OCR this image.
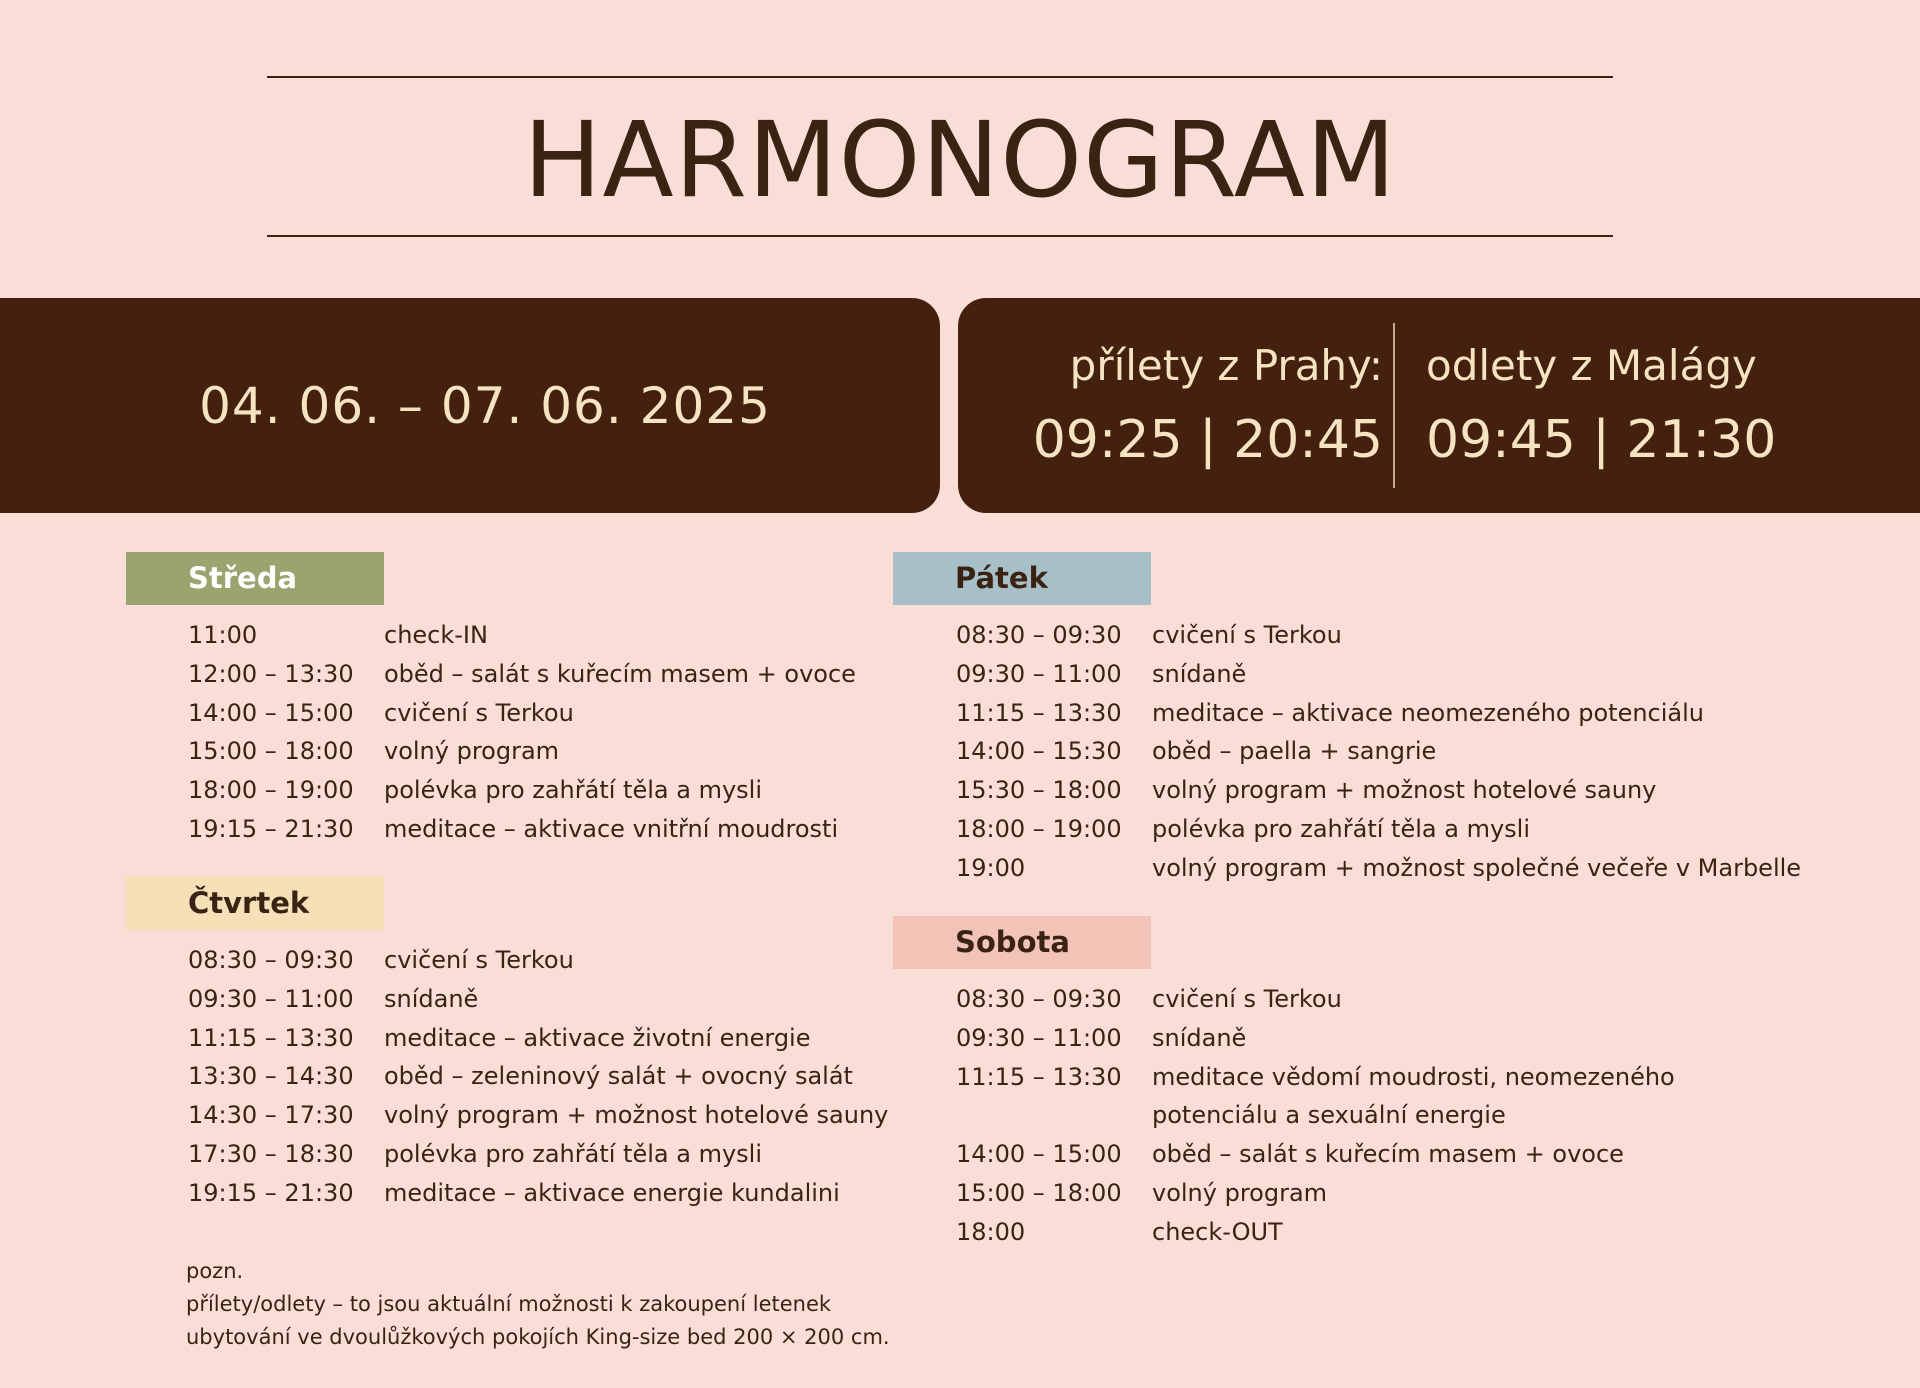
HARMONOGRAM
04. 06. – 07. 06. 2025
přílety z Prahy:
09:25 | 20:45
odlety z Malágy
09:45 | 21:30
Středa
Čtvrtek
Pátek
Sobota
11:00	check-IN
12:00 – 13:30 oběd – salát s kuřecím masem + ovoce
14:00 – 15:00 cvičení s Terkou
15:00 – 18:00 volný program
18:00 – 19:00 polévka pro zahřátí těla a mysli
19:15 – 21:30 meditace – aktivace vnitřní moudrosti
08:30 – 09:30 cvičení s Terkou
09:30 – 11:00 snídaně
11:15 – 13:30 meditace – aktivace životní energie
13:30 – 14:30 oběd – zeleninový salát + ovocný salát
14:30 – 17:30 volný program + možnost hotelové sauny
17:30 – 18:30 polévka pro zahřátí těla a mysli
19:15 – 21:30 meditace – aktivace energie kundalini
08:30 – 09:30 cvičení s Terkou
09:30 – 11:00 snídaně
11:15 – 13:30 meditace – aktivace neomezeného potenciálu
14:00 – 15:30 oběd – paella + sangrie
15:30 – 18:00 volný program + možnost hotelové sauny
18:00 – 19:00 polévka pro zahřátí těla a mysli
19:00	volný program + možnost společné večeře v Marbelle
08:30 – 09:30 cvičení s Terkou
09:30 – 11:00 snídaně
11:15 – 13:30 meditace vědomí moudrosti, neomezeného
potenciálu a sexuální energie
14:00 – 15:00 oběd – salát s kuřecím masem + ovoce
15:00 – 18:00 volný program
18:00	check-OUT
pozn.
přílety/odlety – to jsou aktuální možnosti k zakoupení letenek
ubytování ve dvoulůžkových pokojích King-size bed 200 × 200 cm.
